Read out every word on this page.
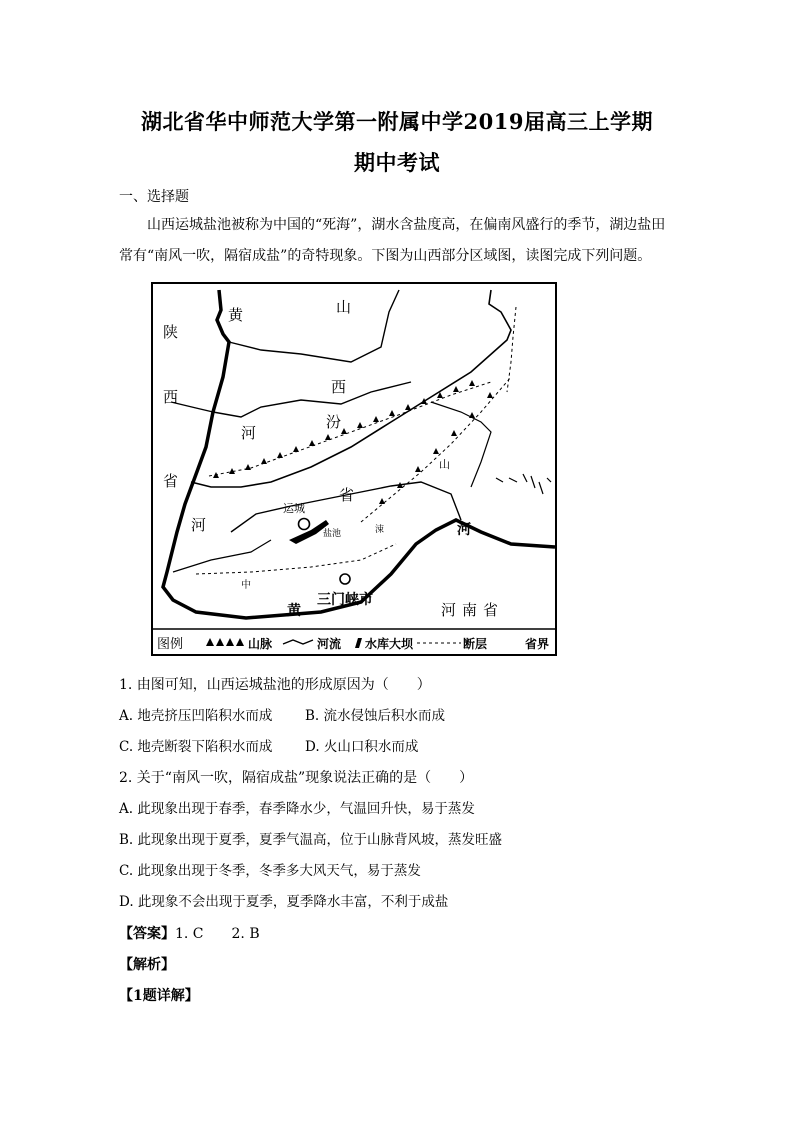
湖北省华中师范大学第一附属中学2019届高三上学期
期中考试
一、选择题
山西运城盐池被称为中国的“死海”，湖水含盐度高，在偏南风盛行的季节，湖边盐田
常有“南风一吹，隔宿成盐”的奇特现象。下图为山西部分区域图，读图完成下列问题。
黄	山
陕
西
西
河
汾
省
省
河
河南省
山
运城
盐池	涑
中
河
黄
三门峡市
图例	山脉	河流 水库大坝	断层	省界
1. 由图可知，山西运城盐池的形成原因为（　　）
A. 地壳挤压凹陷积水而成 B. 流水侵蚀后积水而成
C. 地壳断裂下陷积水而成 D. 火山口积水而成
2. 关于“南风一吹，隔宿成盐”现象说法正确的是（　　）
A. 此现象出现于春季，春季降水少，气温回升快，易于蒸发
B. 此现象出现于夏季，夏季气温高，位于山脉背风坡，蒸发旺盛
C. 此现象出现于冬季，冬季多大风天气，易于蒸发
D. 此现象不会出现于夏季，夏季降水丰富，不利于成盐
【答案】1. C　　2. B
【解析】
【1题详解】
